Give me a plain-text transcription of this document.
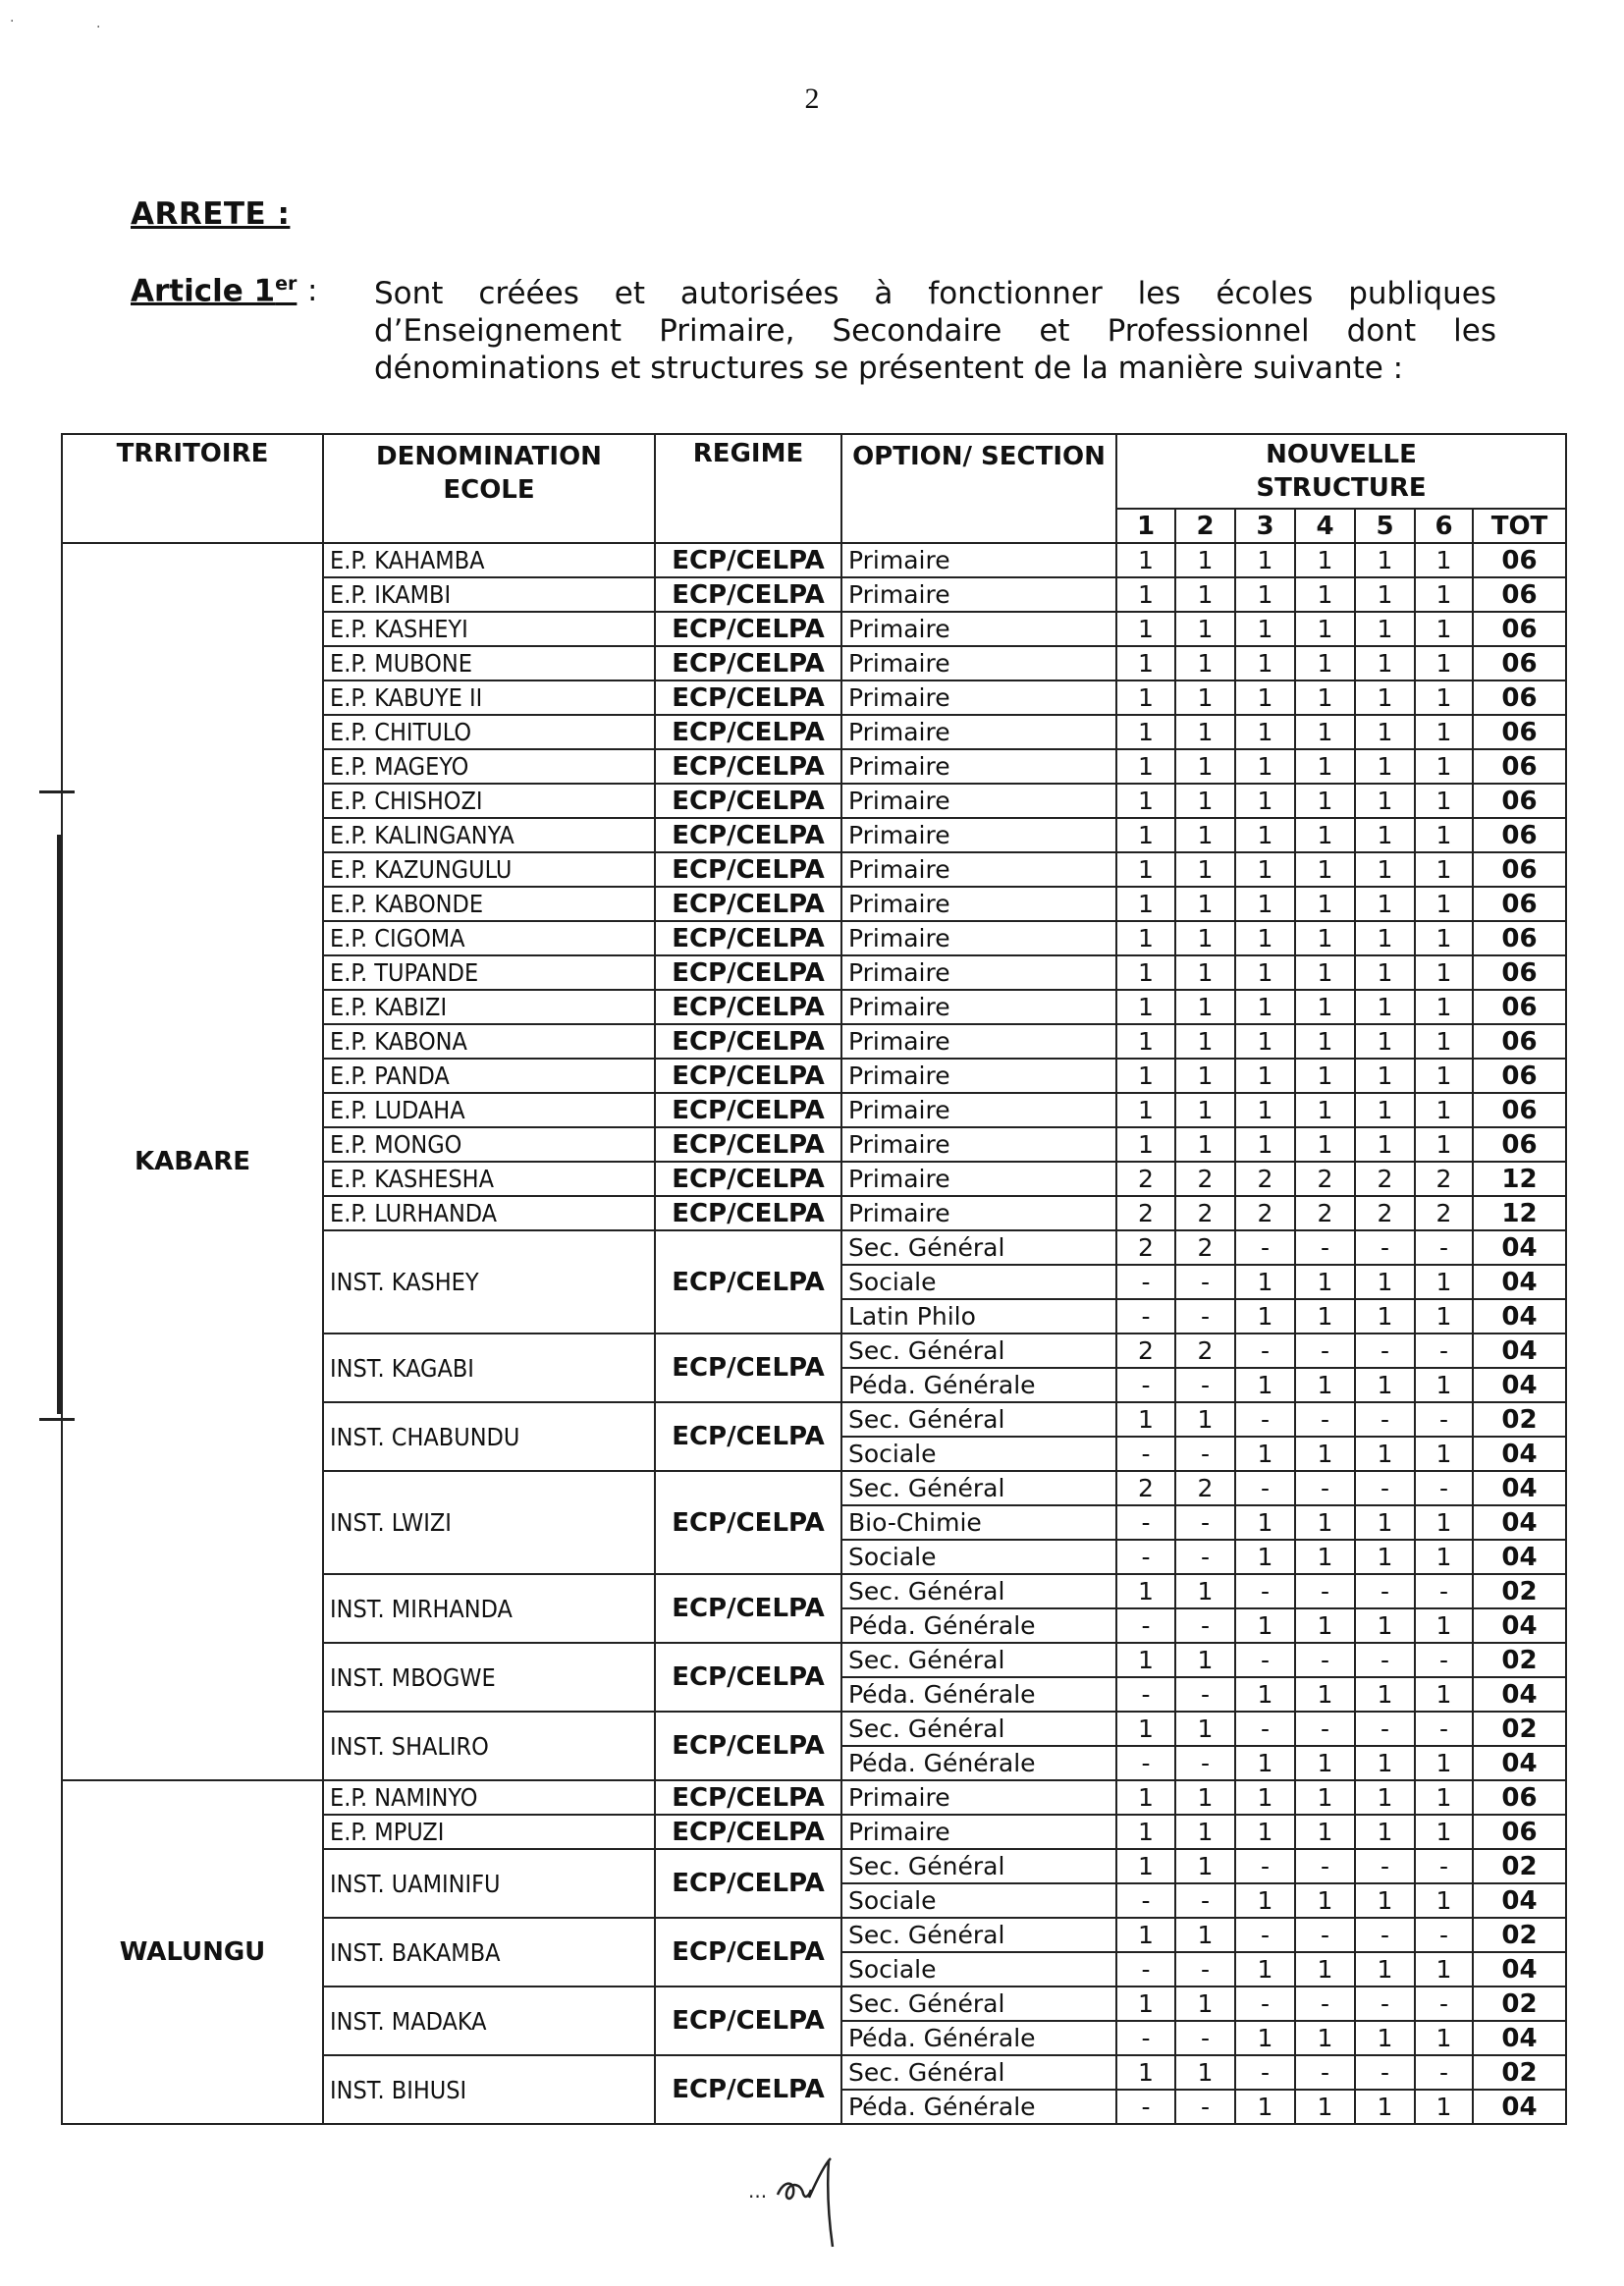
·	·
2
ARRETE :
Article 1er : Sont créées et autorisées à fonctionner les écoles publiques d’Enseignement Primaire, Secondaire et Professionnel dont les dénominations et structures se présentent de la manière suivante :
TRRITOIRE	DENOMINATION ECOLE	REGIME	OPTION/ SECTION	NOUVELLE STRUCTURE						
				1	2	3	4	5	6	TOT
KABARE	E.P. KAHAMBA	ECP/CELPA	Primaire	1	1	1	1	1	1	06
	E.P. IKAMBI	ECP/CELPA	Primaire	1	1	1	1	1	1	06
	E.P. KASHEYI	ECP/CELPA	Primaire	1	1	1	1	1	1	06
	E.P. MUBONE	ECP/CELPA	Primaire	1	1	1	1	1	1	06
	E.P. KABUYE II	ECP/CELPA	Primaire	1	1	1	1	1	1	06
	E.P. CHITULO	ECP/CELPA	Primaire	1	1	1	1	1	1	06
	E.P. MAGEYO	ECP/CELPA	Primaire	1	1	1	1	1	1	06
	E.P. CHISHOZI	ECP/CELPA	Primaire	1	1	1	1	1	1	06
	E.P. KALINGANYA	ECP/CELPA	Primaire	1	1	1	1	1	1	06
	E.P. KAZUNGULU	ECP/CELPA	Primaire	1	1	1	1	1	1	06
	E.P. KABONDE	ECP/CELPA	Primaire	1	1	1	1	1	1	06
	E.P. CIGOMA	ECP/CELPA	Primaire	1	1	1	1	1	1	06
	E.P. TUPANDE	ECP/CELPA	Primaire	1	1	1	1	1	1	06
	E.P. KABIZI	ECP/CELPA	Primaire	1	1	1	1	1	1	06
	E.P. KABONA	ECP/CELPA	Primaire	1	1	1	1	1	1	06
	E.P. PANDA	ECP/CELPA	Primaire	1	1	1	1	1	1	06
	E.P. LUDAHA	ECP/CELPA	Primaire	1	1	1	1	1	1	06
	E.P. MONGO	ECP/CELPA	Primaire	1	1	1	1	1	1	06
	E.P. KASHESHA	ECP/CELPA	Primaire	2	2	2	2	2	2	12
	E.P. LURHANDA	ECP/CELPA	Primaire	2	2	2	2	2	2	12
	INST. KASHEY	ECP/CELPA	Sec. Général	2	2	-	-	-	-	04
			Sociale	-	-	1	1	1	1	04
			Latin Philo	-	-	1	1	1	1	04
	INST. KAGABI	ECP/CELPA	Sec. Général	2	2	-	-	-	-	04
			Péda. Générale	-	-	1	1	1	1	04
	INST. CHABUNDU	ECP/CELPA	Sec. Général	1	1	-	-	-	-	02
			Sociale	-	-	1	1	1	1	04
	INST. LWIZI	ECP/CELPA	Sec. Général	2	2	-	-	-	-	04
			Bio-Chimie	-	-	1	1	1	1	04
			Sociale	-	-	1	1	1	1	04
	INST. MIRHANDA	ECP/CELPA	Sec. Général	1	1	-	-	-	-	02
			Péda. Générale	-	-	1	1	1	1	04
	INST. MBOGWE	ECP/CELPA	Sec. Général	1	1	-	-	-	-	02
			Péda. Générale	-	-	1	1	1	1	04
	INST. SHALIRO	ECP/CELPA	Sec. Général	1	1	-	-	-	-	02
			Péda. Générale	-	-	1	1	1	1	04
WALUNGU	E.P. NAMINYO	ECP/CELPA	Primaire	1	1	1	1	1	1	06
	E.P. MPUZI	ECP/CELPA	Primaire	1	1	1	1	1	1	06
	INST. UAMINIFU	ECP/CELPA	Sec. Général	1	1	-	-	-	-	02
			Sociale	-	-	1	1	1	1	04
	INST. BAKAMBA	ECP/CELPA	Sec. Général	1	1	-	-	-	-	02
			Sociale	-	-	1	1	1	1	04
	INST. MADAKA	ECP/CELPA	Sec. Général	1	1	-	-	-	-	02
			Péda. Générale	-	-	1	1	1	1	04
	INST. BIHUSI	ECP/CELPA	Sec. Général	1	1	-	-	-	-	02
			Péda. Générale	-	-	1	1	1	1	04
...
